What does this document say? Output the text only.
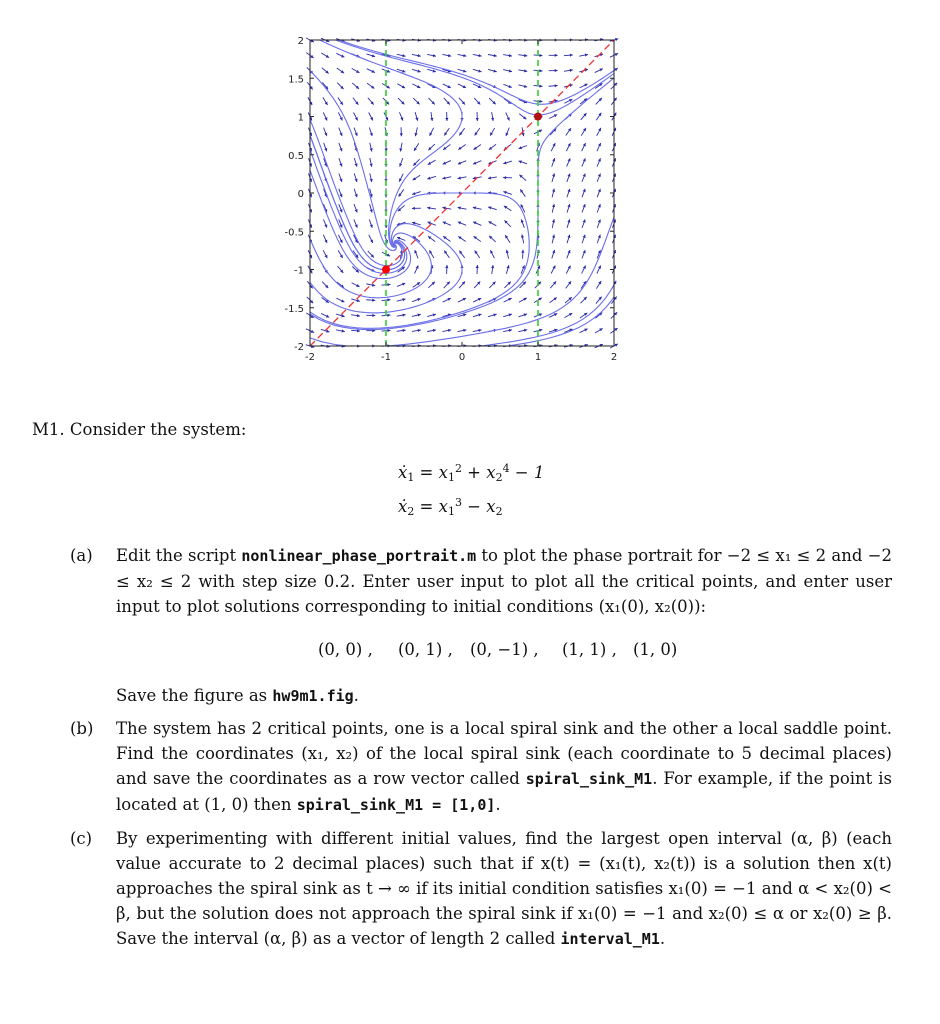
-2	-1	0	1	2
2
1.5
1
0.5
0
-0.5
-1
-1.5
-2
M1. Consider the system:
ẋ1 = $x1^2 + x2^4 - 1$
ẋ2 = $x1^3 - x2$
(a) Edit the script nonlinear_phase_portrait.m to plot the phase portrait for −2 ≤ x₁ ≤ 2 and −2 ≤ x₂ ≤ 2 with step size 0.2. Enter user input to plot all the critical points, and enter user input to plot solutions corresponding to initial conditions (x₁(0), x₂(0)):
(0, 0) , (0, 1) , (0, −1) , (1, 1) , (1, 0)
Save the figure as hw9m1.fig.
(b) The system has 2 critical points, one is a local spiral sink and the other a local saddle point. Find the coordinates (x₁, x₂) of the local spiral sink (each coordinate to 5 decimal places) and save the coordinates as a row vector called spiral_sink_M1. For example, if the point is located at (1, 0) then spiral_sink_M1 = [1,0].
(c) By experimenting with different initial values, find the largest open interval (α, β) (each value accurate to 2 decimal places) such that if x(t) = (x₁(t), x₂(t)) is a solution then x(t) approaches the spiral sink as t → ∞ if its initial condition satisfies x₁(0) = −1 and α < x₂(0) < β, but the solution does not approach the spiral sink if x₁(0) = −1 and x₂(0) ≤ α or x₂(0) ≥ β. Save the interval (α, β) as a vector of length 2 called interval_M1.
